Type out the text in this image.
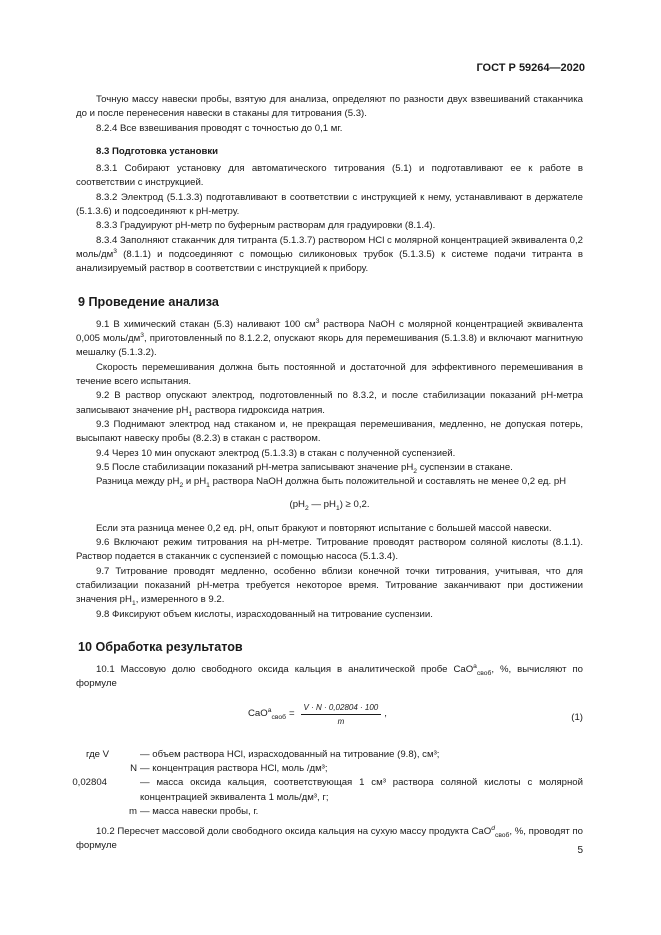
ГОСТ Р 59264—2020

Точную массу навески пробы, взятую для анализа, определяют по разности двух взвешиваний стаканчика до и после перенесения навески в стаканы для титрования (5.3).

8.2.4 Все взвешивания проводят с точностью до 0,1 мг.

8.3 Подготовка установки

8.3.1 Собирают установку для автоматического титрования (5.1) и подготавливают ее к работе в соответствии с инструкцией.

8.3.2 Электрод (5.1.3.3) подготавливают в соответствии с инструкцией к нему, устанавливают в держателе (5.1.3.6) и подсоединяют к рН-метру.

8.3.3 Градуируют рН-метр по буферным растворам для градуировки (8.1.4).

8.3.4 Заполняют стаканчик для титранта (5.1.3.7) раствором HCl с молярной концентрацией эквивалента 0,2 моль/$дм^3$ (8.1.1) и подсоединяют с помощью силиконовых трубок (5.1.3.5) к системе подачи титранта в анализируемый раствор в соответствии с инструкцией к прибору.

9 Проведение анализа

9.1 В химический стакан (5.3) наливают 100 $см^3$ раствора NaOH с молярной концентрацией эквивалента 0,005 моль/$дм^3$, приготовленный по 8.1.2.2, опускают якорь для перемешивания (5.1.3.8) и включают магнитную мешалку (5.1.3.2).

Скорость перемешивания должна быть постоянной и достаточной для эффективного перемешивания в течение всего испытания.

9.2 В раствор опускают электрод, подготовленный по 8.3.2, и после стабилизации показаний рН-метра записывают значение $рН_1$ раствора гидроксида натрия.

9.3 Поднимают электрод над стаканом и, не прекращая перемешивания, медленно, не допуская потерь, высыпают навеску пробы (8.2.3) в стакан с раствором.

9.4 Через 10 мин опускают электрод (5.1.3.3) в стакан с полученной суспензией.

9.5 После стабилизации показаний рН-метра записывают значение $рН_2$ суспензии в стакане.

Разница между $рН_2$ и $рН_1$ раствора NaOH должна быть положительной и составлять не менее 0,2 ед. рН

($рН_2$ — $рН_1) \ge 0,2$.

Если эта разница менее 0,2 ед. рН, опыт бракуют и повторяют испытание с большей массой навески.

9.6 Включают режим титрования на рН-метре. Титрование проводят раствором соляной кислоты (8.1.1). Раствор подается в стаканчик с суспензией с помощью насоса (5.1.3.4).

9.7 Титрование проводят медленно, особенно вблизи конечной точки титрования, учитывая, что для стабилизации показаний рН-метра требуется некоторое время. Титрование заканчивают при достижении значения $рН_1$, измеренного в 9.2.

9.8 Фиксируют объем кислоты, израсходованный на титрование суспензии.

10 Обработка результатов

10.1 Массовую долю свободного оксида кальция в аналитической пробе CaO$^а_{своб}$, %, вычисляют по формуле

$CaO^а_{своб} = \frac{V \cdot N \cdot 0,02804 \cdot 100}{m}$ ,	(1)
где V	— объем раствора HCl, израсходованный на титрование (9.8), см³;
N — концентрация раствора HCl, моль /дм³;
0,02804	— масса оксида кальция, соответствующая 1 см³ раствора соляной кислоты с молярной концентрацией эквивалента 1 моль/дм³, г;
m — масса навески пробы, г.

10.2 Пересчет массовой доли свободного оксида кальция на сухую массу продукта CaO$^d_{своб}$, %, проводят по формуле	5
